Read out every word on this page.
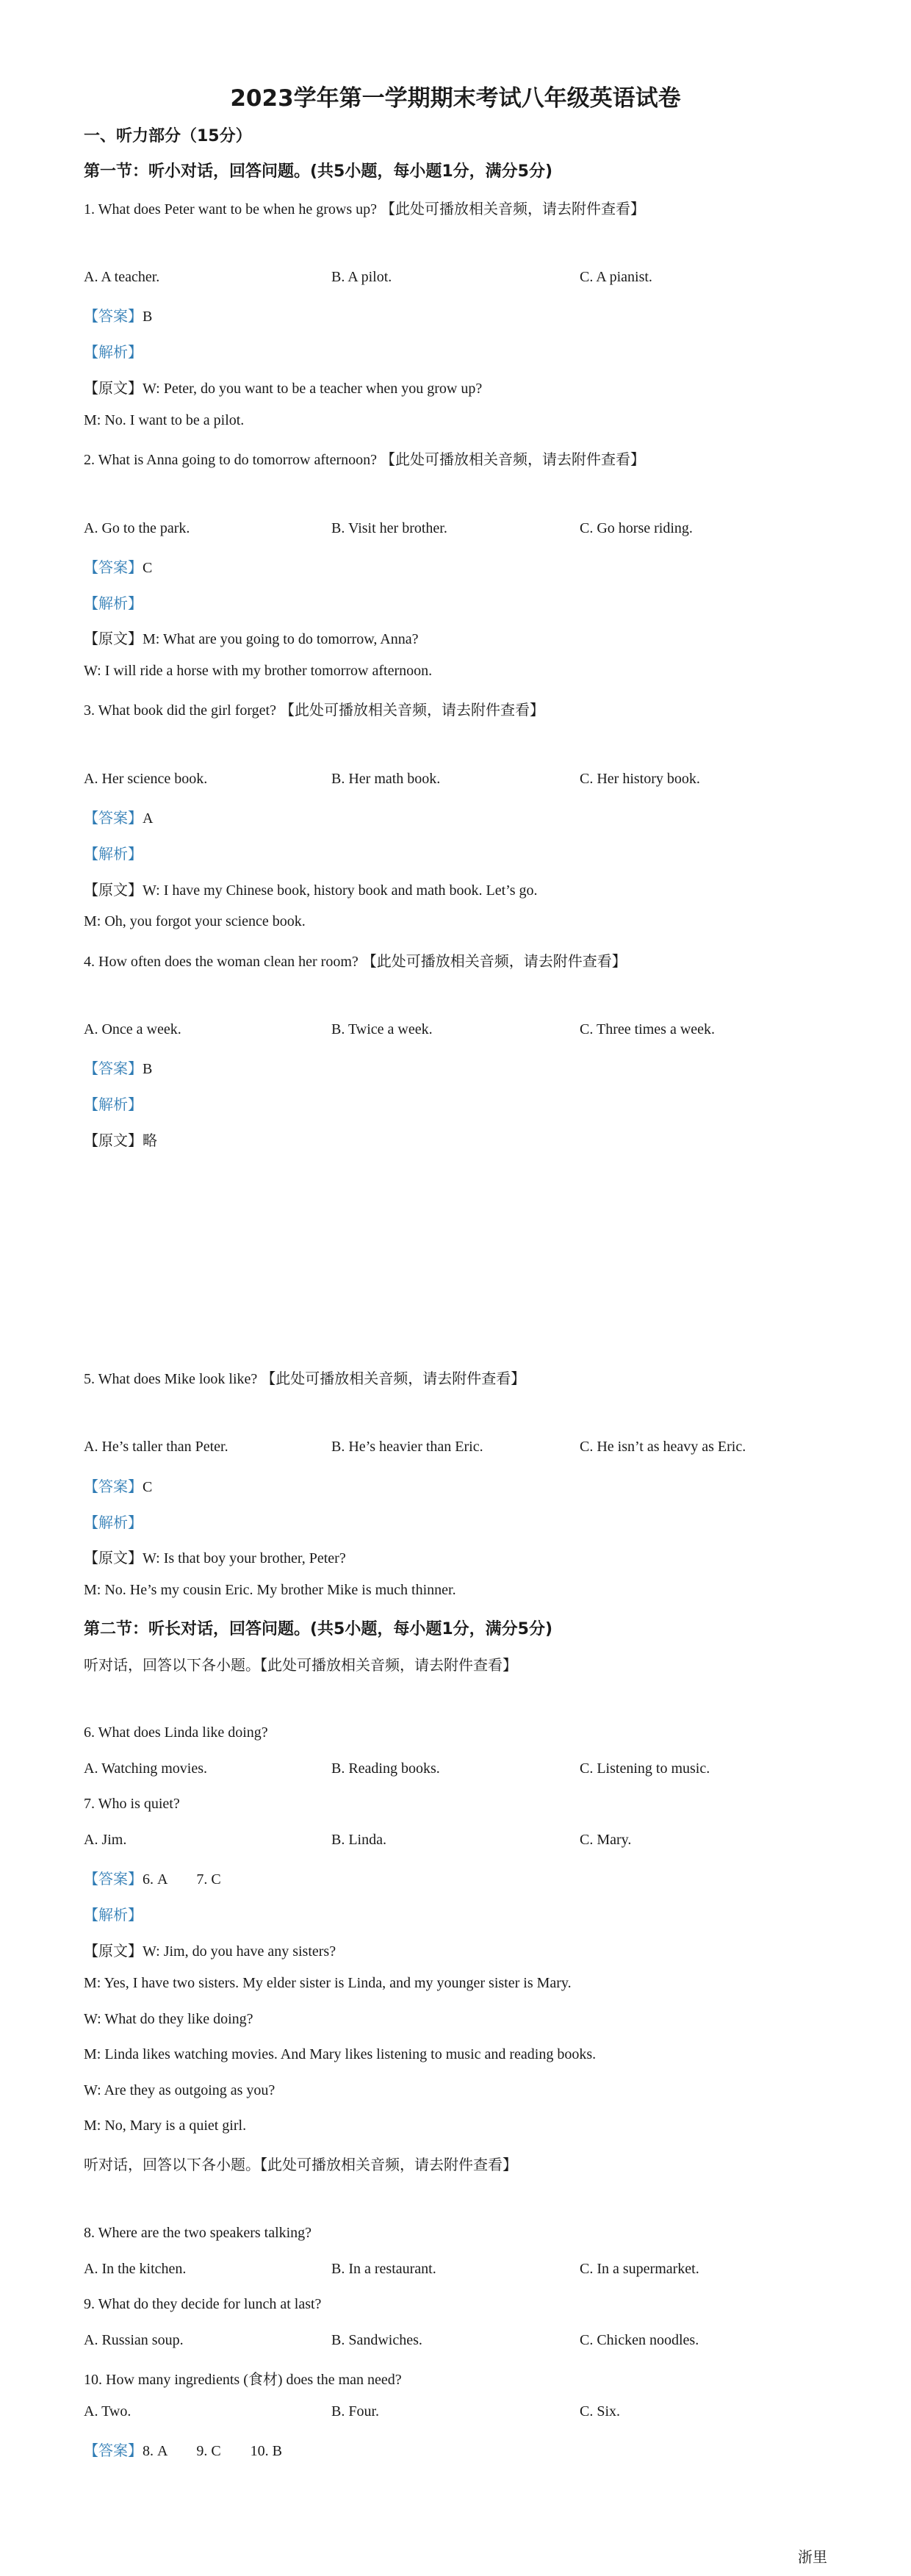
2023学年第一学期期末考试八年级英语试卷
一、听力部分（15分）
第一节：听小对话，回答问题。(共5小题，每小题1分，满分5分)
1. What does Peter want to be when he grows up? 【此处可播放相关音频，请去附件查看】
A. A teacher.	B. A pilot.	C. A pianist.
【答案】B
【解析】
【原文】W: Peter, do you want to be a teacher when you grow up?
M: No. I want to be a pilot.
2. What is Anna going to do tomorrow afternoon? 【此处可播放相关音频，请去附件查看】
A. Go to the park.	B. Visit her brother.	C. Go horse riding.
【答案】C
【解析】
【原文】M: What are you going to do tomorrow, Anna?
W: I will ride a horse with my brother tomorrow afternoon.
3. What book did the girl forget? 【此处可播放相关音频，请去附件查看】
A. Her science book.	B. Her math book.	C. Her history book.
【答案】A
【解析】
【原文】W: I have my Chinese book, history book and math book. Let’s go.
M: Oh, you forgot your science book.
4. How often does the woman clean her room? 【此处可播放相关音频，请去附件查看】
A. Once a week.	B. Twice a week.	C. Three times a week.
【答案】B
【解析】
【原文】略
5. What does Mike look like? 【此处可播放相关音频，请去附件查看】
A. He’s taller than Peter.	B. He’s heavier than Eric.	C. He isn’t as heavy as Eric.
【答案】C
【解析】
【原文】W: Is that boy your brother, Peter?
M: No. He’s my cousin Eric. My brother Mike is much thinner.
第二节：听长对话，回答问题。(共5小题，每小题1分，满分5分)
听对话，回答以下各小题。【此处可播放相关音频，请去附件查看】
6. What does Linda like doing?
A. Watching movies.	B. Reading books.	C. Listening to music.
7. Who is quiet?
A. Jim.	B. Linda.	C. Mary.
【答案】6. A　　7. C
【解析】
【原文】W: Jim, do you have any sisters?
M: Yes, I have two sisters. My elder sister is Linda, and my younger sister is Mary.
W: What do they like doing?
M: Linda likes watching movies. And Mary likes listening to music and reading books.
W: Are they as outgoing as you?
M: No, Mary is a quiet girl.
听对话，回答以下各小题。【此处可播放相关音频，请去附件查看】
8. Where are the two speakers talking?
A. In the kitchen.	B. In a restaurant.	C. In a supermarket.
9. What do they decide for lunch at last?
A. Russian soup.	B. Sandwiches.	C. Chicken noodles.
10. How many ingredients (食材) does the man need?
A. Two.	B. Four.	C. Six.
【答案】8. A　　9. C　　10. B
浙里
